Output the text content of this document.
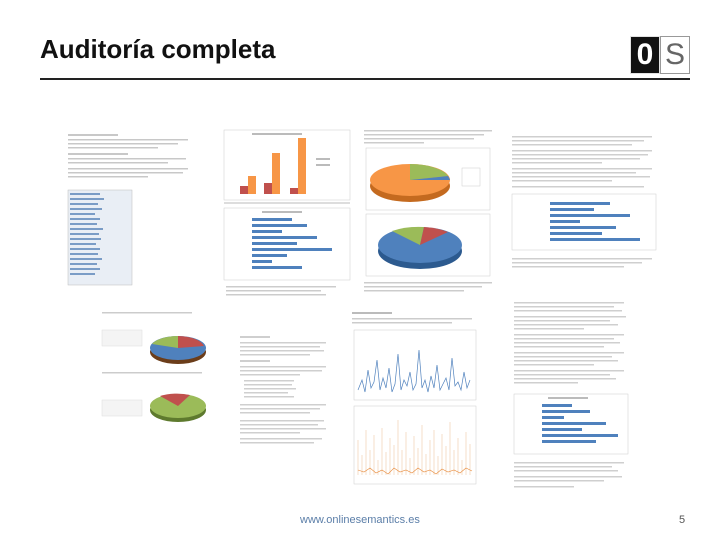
Auditoría completa	0 S
www.onlinesemantics.es	5
